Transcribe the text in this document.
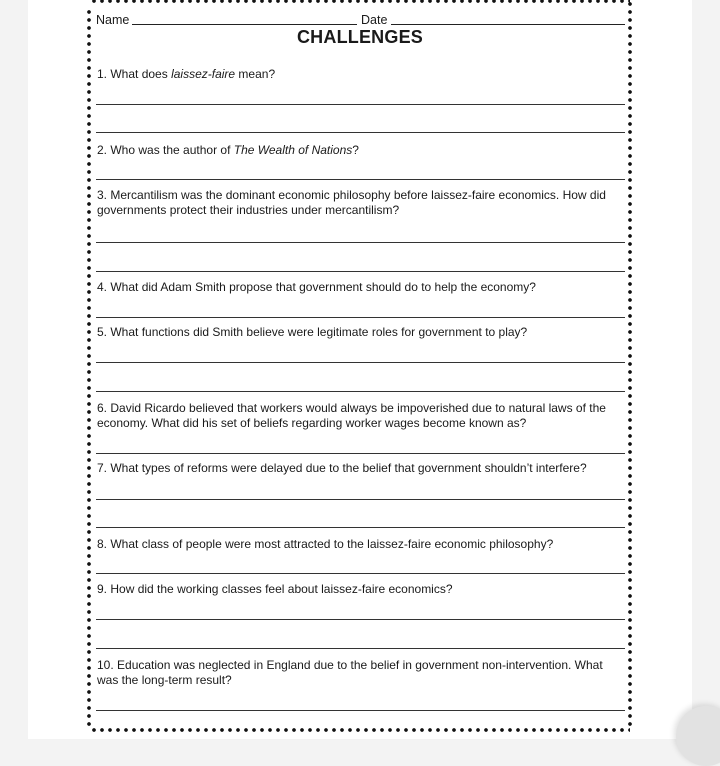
Name	Date
CHALLENGES
1. What does laissez-faire mean?
2. Who was the author of The Wealth of Nations?
3. Mercantilism was the dominant economic philosophy before laissez-faire economics. How did
governments protect their industries under mercantilism?
4. What did Adam Smith propose that government should do to help the economy?
5. What functions did Smith believe were legitimate roles for government to play?
6. David Ricardo believed that workers would always be impoverished due to natural laws of the
economy. What did his set of beliefs regarding worker wages become known as?
7. What types of reforms were delayed due to the belief that government shouldn’t interfere?
8. What class of people were most attracted to the laissez-faire economic philosophy?
9. How did the working classes feel about laissez-faire economics?
10. Education was neglected in England due to the belief in government non-intervention. What
was the long-term result?
